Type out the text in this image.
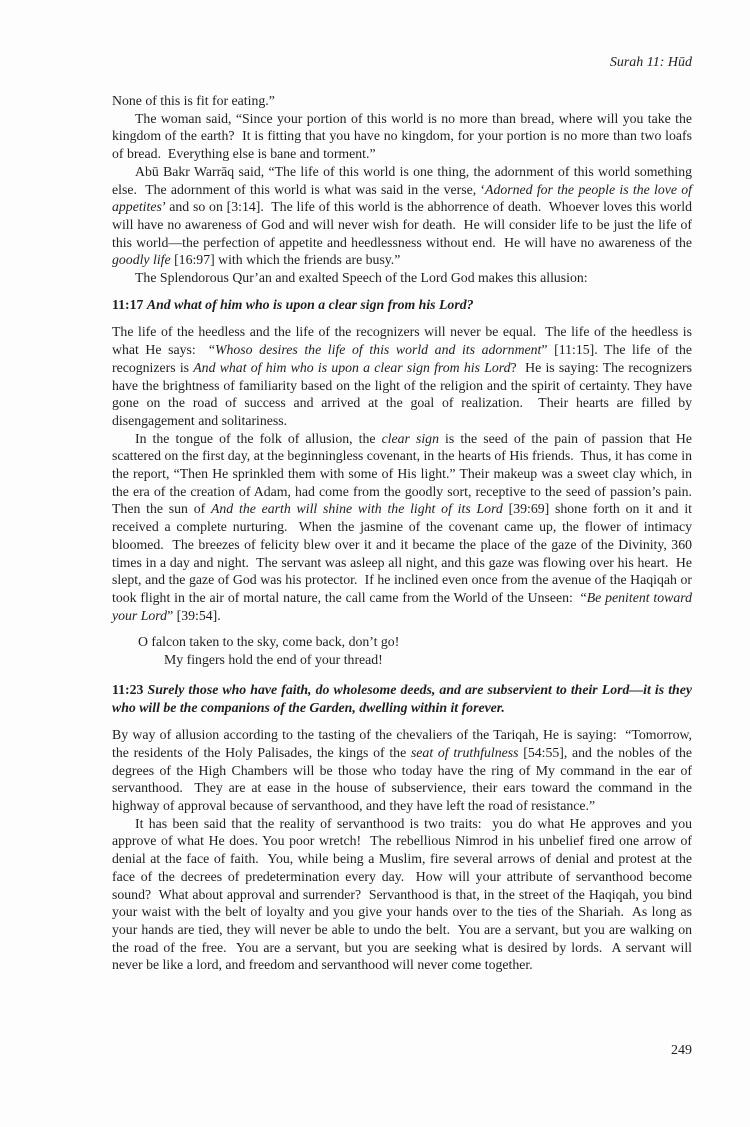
Surah 11: Hūd

None of this is fit for eating.”

The woman said, “Since your portion of this world is no more than bread, where will you take the kingdom of the earth?  It is fitting that you have no kingdom, for your portion is no more than two loafs of bread.  Everything else is bane and torment.”

Abū Bakr Warrāq said, “The life of this world is one thing, the adornment of this world something else.  The adornment of this world is what was said in the verse, ‘Adorned for the people is the love of appetites’ and so on [3:14].  The life of this world is the abhorrence of death.  Whoever loves this world will have no awareness of God and will never wish for death.  He will consider life to be just the life of this world—the perfection of appetite and heedlessness without end.  He will have no awareness of the goodly life [16:97] with which the friends are busy.”

The Splendorous Qur’an and exalted Speech of the Lord God makes this allusion:

11:17 And what of him who is upon a clear sign from his Lord?

The life of the heedless and the life of the recognizers will never be equal.  The life of the heedless is what He says:  “Whoso desires the life of this world and its adornment” [11:15]. The life of the recognizers is And what of him who is upon a clear sign from his Lord?  He is saying: The recognizers have the brightness of familiarity based on the light of the religion and the spirit of certainty. They have gone on the road of success and arrived at the goal of realization.  Their hearts are filled by disengagement and solitariness.

In the tongue of the folk of allusion, the clear sign is the seed of the pain of passion that He scattered on the first day, at the beginningless covenant, in the hearts of His friends.  Thus, it has come in the report, “Then He sprinkled them with some of His light.” Their makeup was a sweet clay which, in the era of the creation of Adam, had come from the goodly sort, receptive to the seed of passion’s pain.  Then the sun of And the earth will shine with the light of its Lord [39:69] shone forth on it and it received a complete nurturing.  When the jasmine of the covenant came up, the flower of intimacy bloomed.  The breezes of felicity blew over it and it became the place of the gaze of the Divinity, 360 times in a day and night.  The servant was asleep all night, and this gaze was flowing over his heart.  He slept, and the gaze of God was his protector.  If he inclined even once from the avenue of the Haqiqah or took flight in the air of mortal nature, the call came from the World of the Unseen:  “Be penitent toward your Lord” [39:54].

O falcon taken to the sky, come back, don’t go!
My fingers hold the end of your thread!

11:23 Surely those who have faith, do wholesome deeds, and are subservient to their Lord—it is they who will be the companions of the Garden, dwelling within it forever.

By way of allusion according to the tasting of the chevaliers of the Tariqah, He is saying:  “Tomorrow, the residents of the Holy Palisades, the kings of the seat of truthfulness [54:55], and the nobles of the degrees of the High Chambers will be those who today have the ring of My command in the ear of servanthood.  They are at ease in the house of subservience, their ears toward the command in the highway of approval because of servanthood, and they have left the road of resistance.”

It has been said that the reality of servanthood is two traits:  you do what He approves and you approve of what He does. You poor wretch!  The rebellious Nimrod in his unbelief fired one arrow of denial at the face of faith.  You, while being a Muslim, fire several arrows of denial and protest at the face of the decrees of predetermination every day.  How will your attribute of servanthood become sound?  What about approval and surrender?  Servanthood is that, in the street of the Haqiqah, you bind your waist with the belt of loyalty and you give your hands over to the ties of the Shariah.  As long as your hands are tied, they will never be able to undo the belt.  You are a servant, but you are walking on the road of the free.  You are a servant, but you are seeking what is desired by lords.  A servant will never be like a lord, and freedom and servanthood will never come together.

249
